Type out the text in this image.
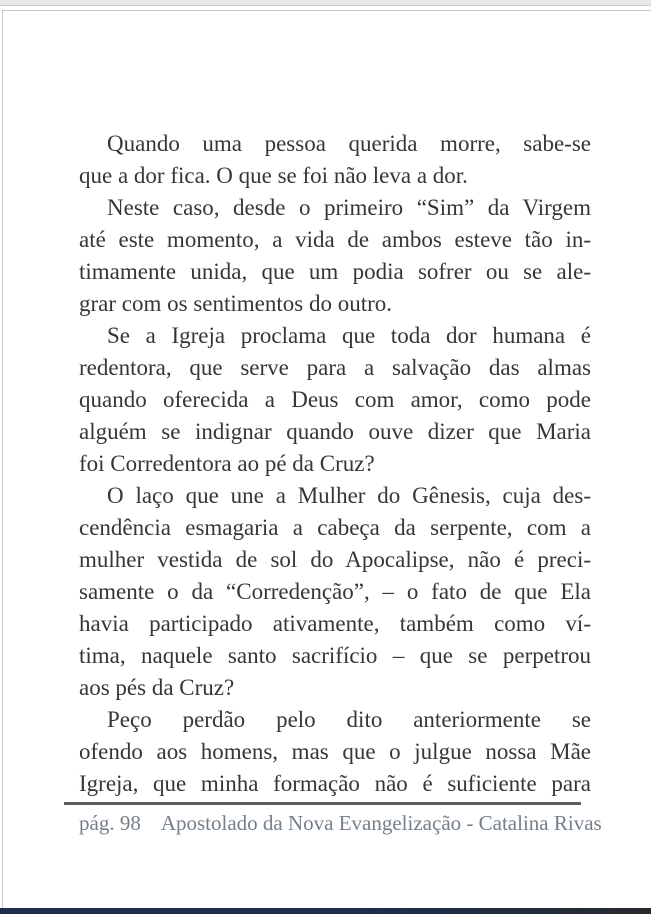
Quando uma pessoa querida morre, sabe-se
que a dor fica. O que se foi não leva a dor.
Neste caso, desde o primeiro “Sim” da Virgem
até este momento, a vida de ambos esteve tão in-
timamente unida, que um podia sofrer ou se ale-
grar com os sentimentos do outro.
Se a Igreja proclama que toda dor humana é
redentora, que serve para a salvação das almas
quando oferecida a Deus com amor, como pode
alguém se indignar quando ouve dizer que Maria
foi Corredentora ao pé da Cruz?
O laço que une a Mulher do Gênesis, cuja des-
cendência esmagaria a cabeça da serpente, com a
mulher vestida de sol do Apocalipse, não é preci-
samente o da “Corredenção”, – o fato de que Ela
havia participado ativamente, também como ví-
tima, naquele santo sacrifício – que se perpetrou
aos pés da Cruz?
Peço perdão pelo dito anteriormente se
ofendo aos homens, mas que o julgue nossa Mãe
Igreja, que minha formação não é suficiente para
pág. 98 Apostolado da Nova Evangelização - Catalina Rivas
